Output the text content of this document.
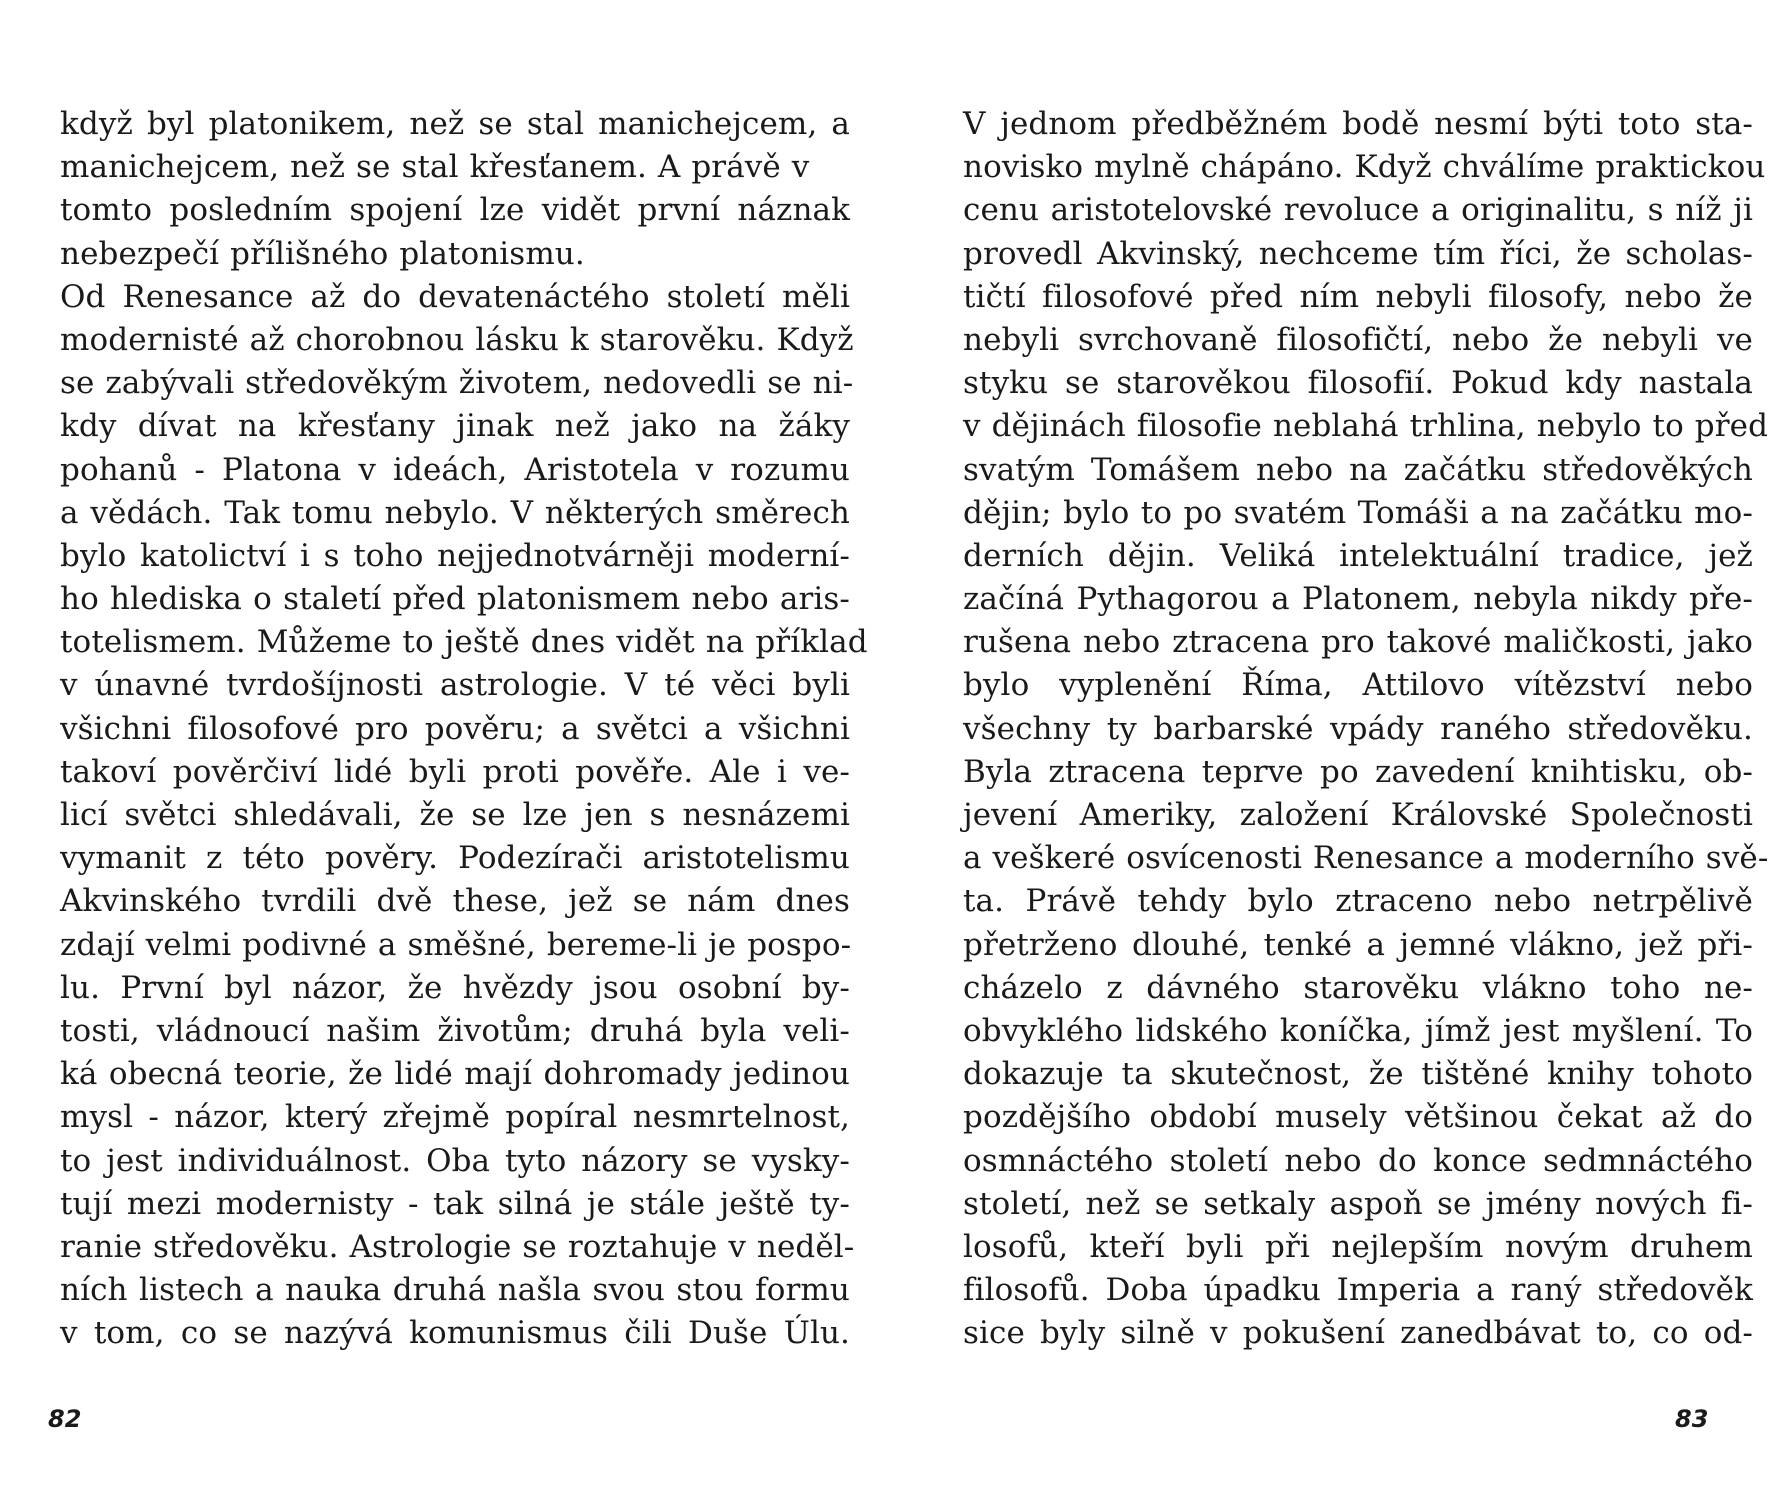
když byl platonikem, než se stal manichejcem, a
manichejcem, než se stal křesťanem. A právě v
tomto posledním spojení lze vidět první náznak
nebezpečí přílišného platonismu.
Od Renesance až do devatenáctého století měli
modernisté až chorobnou lásku k starověku. Když
se zabývali středověkým životem, nedovedli se ni-
kdy dívat na křesťany jinak než jako na žáky
pohanů - Platona v ideách, Aristotela v rozumu
a vědách. Tak tomu nebylo. V některých směrech
bylo katolictví i s toho nejjednotvárněji moderní-
ho hlediska o staletí před platonismem nebo aris-
totelismem. Můžeme to ještě dnes vidět na příklad
v únavné tvrdošíjnosti astrologie. V té věci byli
všichni filosofové pro pověru; a světci a všichni
takoví pověrčiví lidé byli proti pověře. Ale i ve-
licí světci shledávali, že se lze jen s nesnázemi
vymanit z této pověry. Podezírači aristotelismu
Akvinského tvrdili dvě these, jež se nám dnes
zdají velmi podivné a směšné, bereme-li je pospo-
lu. První byl názor, že hvězdy jsou osobní by-
tosti, vládnoucí našim životům; druhá byla veli-
ká obecná teorie, že lidé mají dohromady jedinou
mysl - názor, který zřejmě popíral nesmrtelnost,
to jest individuálnost. Oba tyto názory se vysky-
tují mezi modernisty - tak silná je stále ještě ty-
ranie středověku. Astrologie se roztahuje v neděl-
ních listech a nauka druhá našla svou stou formu
v tom, co se nazývá komunismus čili Duše Úlu.
82
V jednom předběžném bodě nesmí býti toto sta-
novisko mylně chápáno. Když chválíme praktickou
cenu aristotelovské revoluce a originalitu, s níž ji
provedl Akvinský, nechceme tím říci, že scholas-
tičtí filosofové před ním nebyli filosofy, nebo že
nebyli svrchovaně filosofičtí, nebo že nebyli ve
styku se starověkou filosofií. Pokud kdy nastala
v dějinách filosofie neblahá trhlina, nebylo to před
svatým Tomášem nebo na začátku středověkých
dějin; bylo to po svatém Tomáši a na začátku mo-
derních dějin. Veliká intelektuální tradice, jež
začíná Pythagorou a Platonem, nebyla nikdy pře-
rušena nebo ztracena pro takové maličkosti, jako
bylo vyplenění Říma, Attilovo vítězství nebo
všechny ty barbarské vpády raného středověku.
Byla ztracena teprve po zavedení knihtisku, ob-
jevení Ameriky, založení Královské Společnosti
a veškeré osvícenosti Renesance a moderního svě-
ta. Právě tehdy bylo ztraceno nebo netrpělivě
přetrženo dlouhé, tenké a jemné vlákno, jež při-
cházelo z dávného starověku vlákno toho ne-
obvyklého lidského koníčka, jímž jest myšlení. To
dokazuje ta skutečnost, že tištěné knihy tohoto
pozdějšího období musely většinou čekat až do
osmnáctého století nebo do konce sedmnáctého
století, než se setkaly aspoň se jmény nových fi-
losofů, kteří byli při nejlepším novým druhem
filosofů. Doba úpadku Imperia a raný středověk
sice byly silně v pokušení zanedbávat to, co od-
83
